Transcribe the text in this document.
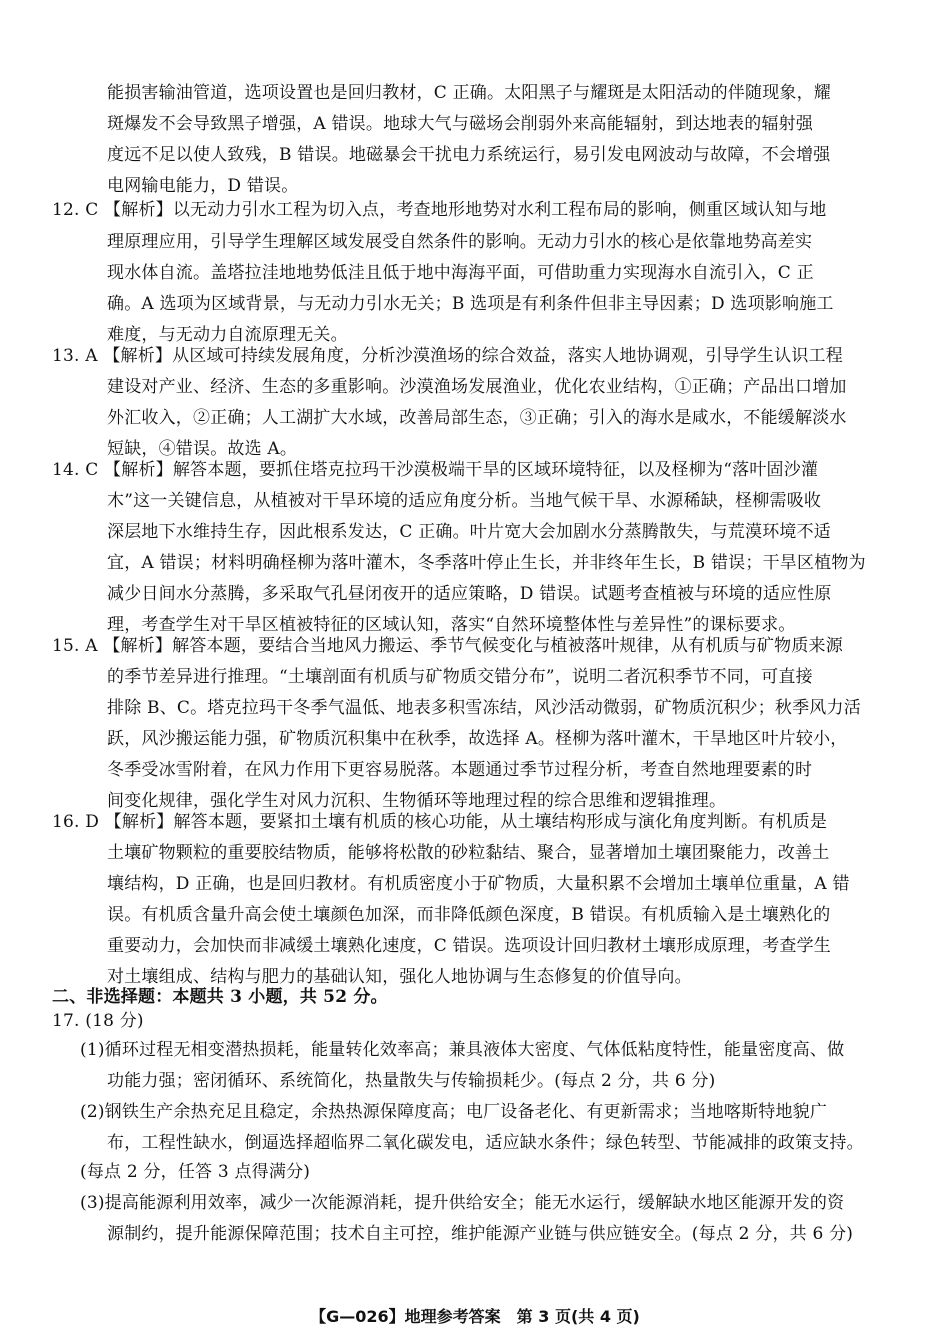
能损害输油管道，选项设置也是回归教材，C 正确。太阳黑子与耀斑是太阳活动的伴随现象，耀
斑爆发不会导致黑子增强，A 错误。地球大气与磁场会削弱外来高能辐射，到达地表的辐射强
度远不足以使人致残，B 错误。地磁暴会干扰电力系统运行，易引发电网波动与故障，不会增强
电网输电能力，D 错误。
12. C 【解析】以无动力引水工程为切入点，考查地形地势对水利工程布局的影响，侧重区域认知与地
理原理应用，引导学生理解区域发展受自然条件的影响。无动力引水的核心是依靠地势高差实
现水体自流。盖塔拉洼地地势低洼且低于地中海海平面，可借助重力实现海水自流引入，C 正
确。A 选项为区域背景，与无动力引水无关；B 选项是有利条件但非主导因素；D 选项影响施工
难度，与无动力自流原理无关。
13. A 【解析】从区域可持续发展角度，分析沙漠渔场的综合效益，落实人地协调观，引导学生认识工程
建设对产业、经济、生态的多重影响。沙漠渔场发展渔业，优化农业结构，①正确；产品出口增加
外汇收入，②正确；人工湖扩大水域，改善局部生态，③正确；引入的海水是咸水，不能缓解淡水
短缺，④错误。故选 A。
14. C 【解析】解答本题，要抓住塔克拉玛干沙漠极端干旱的区域环境特征，以及柽柳为“落叶固沙灌
木”这一关键信息，从植被对干旱环境的适应角度分析。当地气候干旱、水源稀缺，柽柳需吸收
深层地下水维持生存，因此根系发达，C 正确。叶片宽大会加剧水分蒸腾散失，与荒漠环境不适
宜，A 错误；材料明确柽柳为落叶灌木，冬季落叶停止生长，并非终年生长，B 错误；干旱区植物为
减少日间水分蒸腾，多采取气孔昼闭夜开的适应策略，D 错误。试题考查植被与环境的适应性原
理，考查学生对干旱区植被特征的区域认知，落实“自然环境整体性与差异性”的课标要求。
15. A 【解析】解答本题，要结合当地风力搬运、季节气候变化与植被落叶规律，从有机质与矿物质来源
的季节差异进行推理。“土壤剖面有机质与矿物质交错分布”，说明二者沉积季节不同，可直接
排除 B、C。塔克拉玛干冬季气温低、地表多积雪冻结，风沙活动微弱，矿物质沉积少；秋季风力活
跃，风沙搬运能力强，矿物质沉积集中在秋季，故选择 A。柽柳为落叶灌木，干旱地区叶片较小，
冬季受冰雪附着，在风力作用下更容易脱落。本题通过季节过程分析，考查自然地理要素的时
间变化规律，强化学生对风力沉积、生物循环等地理过程的综合思维和逻辑推理。
16. D 【解析】解答本题，要紧扣土壤有机质的核心功能，从土壤结构形成与演化角度判断。有机质是
土壤矿物颗粒的重要胶结物质，能够将松散的砂粒黏结、聚合，显著增加土壤团聚能力，改善土
壤结构，D 正确，也是回归教材。有机质密度小于矿物质，大量积累不会增加土壤单位重量，A 错
误。有机质含量升高会使土壤颜色加深，而非降低颜色深度，B 错误。有机质输入是土壤熟化的
重要动力，会加快而非减缓土壤熟化速度，C 错误。选项设计回归教材土壤形成原理，考查学生
对土壤组成、结构与肥力的基础认知，强化人地协调与生态修复的价值导向。
二、非选择题：本题共 3 小题，共 52 分。
17. (18 分)
(1)循环过程无相变潜热损耗，能量转化效率高；兼具液体大密度、气体低粘度特性，能量密度高、做
功能力强；密闭循环、系统简化，热量散失与传输损耗少。(每点 2 分，共 6 分)
(2)钢铁生产余热充足且稳定，余热热源保障度高；电厂设备老化、有更新需求；当地喀斯特地貌广
布，工程性缺水，倒逼选择超临界二氧化碳发电，适应缺水条件；绿色转型、节能减排的政策支持。
(每点 2 分，任答 3 点得满分)
(3)提高能源利用效率，减少一次能源消耗，提升供给安全；能无水运行，缓解缺水地区能源开发的资
源制约，提升能源保障范围；技术自主可控，维护能源产业链与供应链安全。(每点 2 分，共 6 分)
【G—026】地理参考答案　第 3 页(共 4 页)
